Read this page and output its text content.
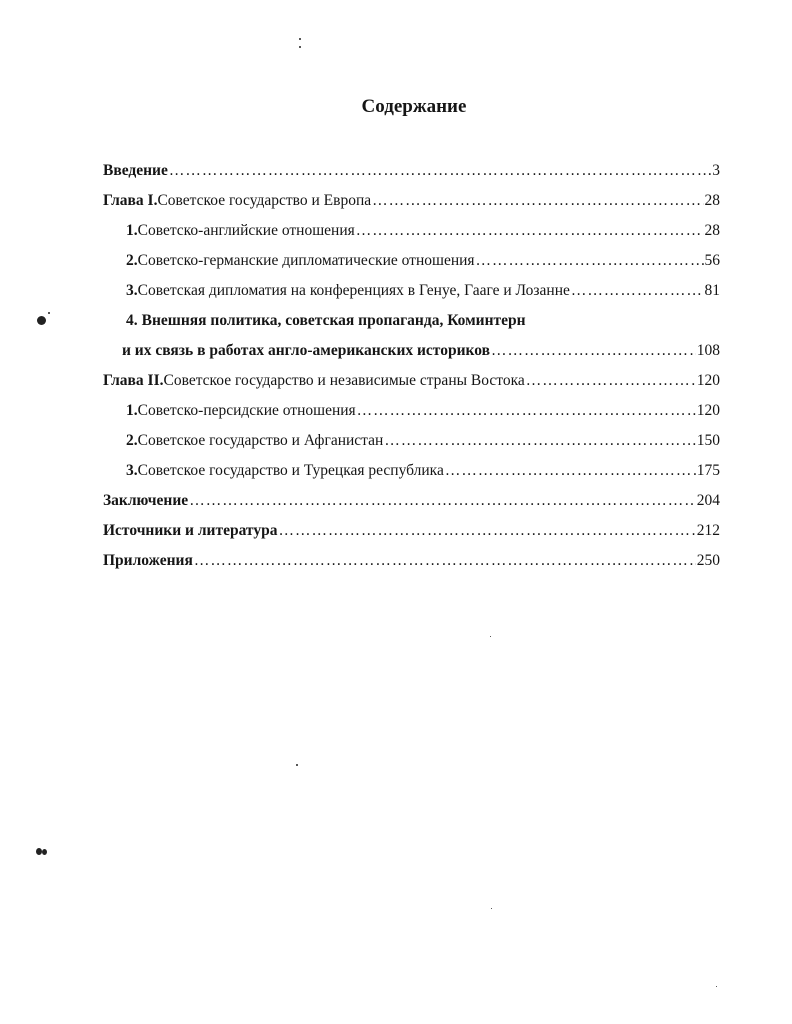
Содержание
Введение ……………………………………………………………………………………………………………………………………………………………………………	3
Глава I. Советское государство и Европа ……………………………………………………………………………………………………………………………………………………………………………	28
1. Советско-английские отношения ……………………………………………………………………………………………………………………………………………………………………………	28
2. Советско-германские дипломатические отношения ……………………………………………………………………………………………………………………………………………………………………………	56
3. Советская дипломатия на конференциях в Генуе, Гааге и Лозанне ……………………………………………………………………………………………………………………………………………………………………………	81
4. Внешняя политика, советская пропаганда, Коминтерн
и их связь в работах англо-американских историков ……………………………………………………………………………………………………………………………………………………………………………	108
Глава II. Советское государство и независимые страны Востока ……………………………………………………………………………………………………………………………………………………………………………	120
1. Советско-персидские отношения ……………………………………………………………………………………………………………………………………………………………………………	120
2. Советское государство и Афганистан ……………………………………………………………………………………………………………………………………………………………………………	150
3. Советское государство и Турецкая республика ……………………………………………………………………………………………………………………………………………………………………………	175
Заключение ……………………………………………………………………………………………………………………………………………………………………………	204
Источники и литература ……………………………………………………………………………………………………………………………………………………………………………	212
Приложения ……………………………………………………………………………………………………………………………………………………………………………	250
